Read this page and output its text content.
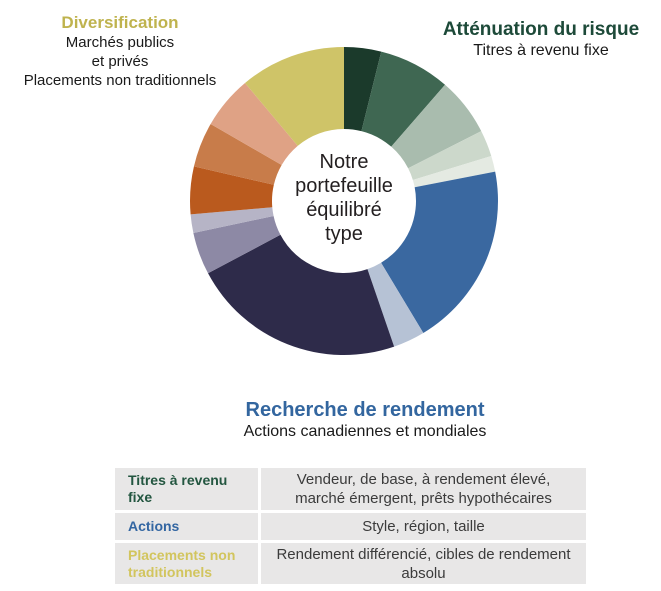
Diversification
Marchés publics
et privés
Placements non traditionnels
Atténuation du risque
Titres à revenu fixe
Notre
portefeuille
équilibré
type
Recherche de rendement
Actions canadiennes et mondiales
Titres à revenu fixe
Vendeur, de base, à rendement élevé, marché émergent, prêts hypothécaires
Actions	Style, région, taille
Placements non traditionnels
Rendement différencié, cibles de rendement absolu
